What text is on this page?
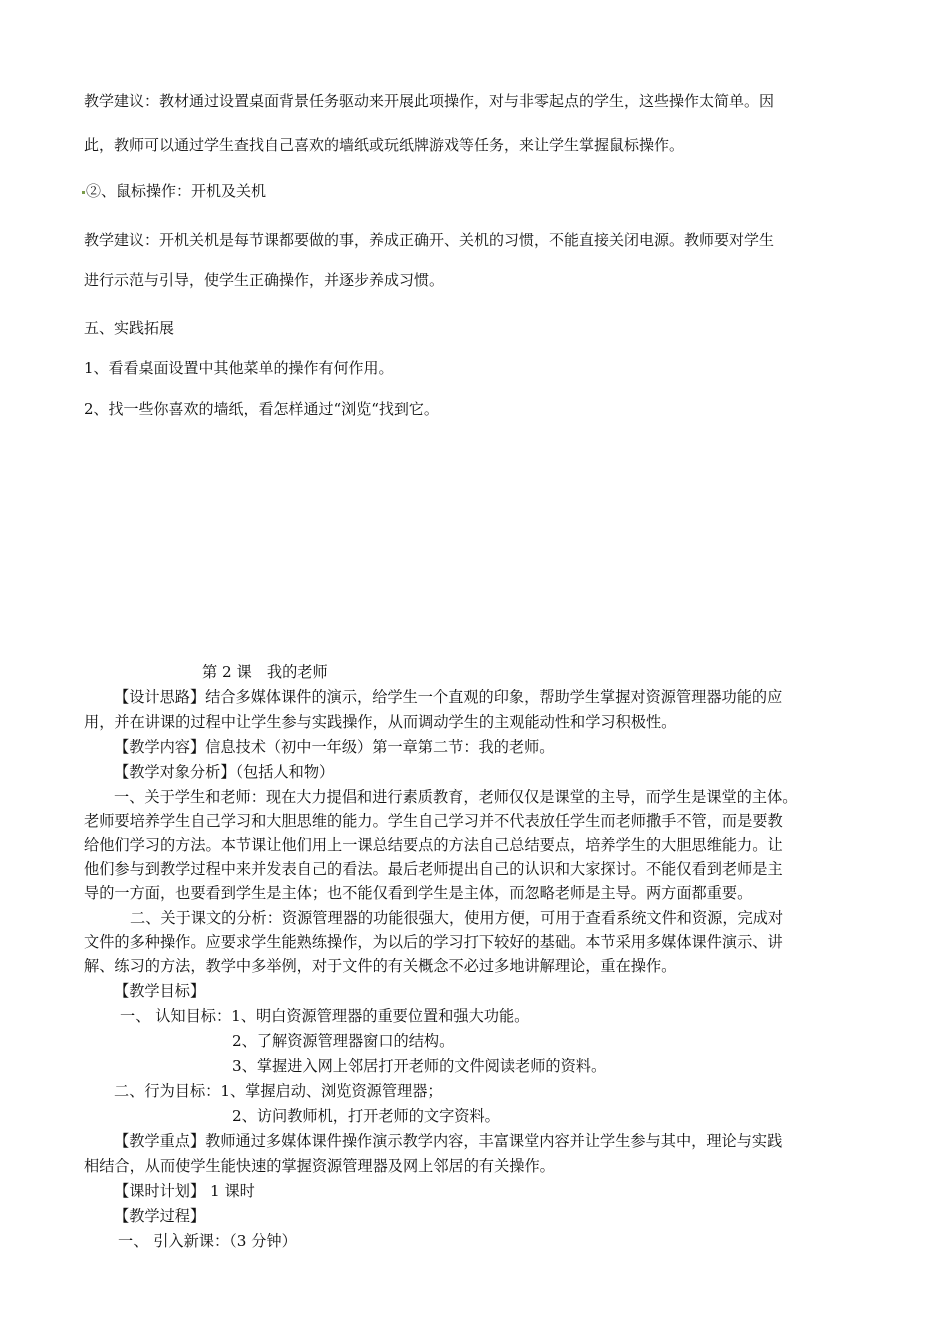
教学建议：教材通过设置桌面背景任务驱动来开展此项操作，对与非零起点的学生，这些操作太简单。因
此，教师可以通过学生查找自己喜欢的墙纸或玩纸牌游戏等任务，来让学生掌握鼠标操作。
②、鼠标操作：开机及关机
教学建议：开机关机是每节课都要做的事，养成正确开、关机的习惯，不能直接关闭电源。教师要对学生
进行示范与引导，使学生正确操作，并逐步养成习惯。
五、实践拓展
1、看看桌面设置中其他菜单的操作有何作用。
2、找一些你喜欢的墙纸，看怎样通过“浏览“找到它。
第 2 课　我的老师
【设计思路】结合多媒体课件的演示，给学生一个直观的印象，帮助学生掌握对资源管理器功能的应
用，并在讲课的过程中让学生参与实践操作，从而调动学生的主观能动性和学习积极性。
【教学内容】信息技术（初中一年级）第一章第二节：我的老师。
【教学对象分析】（包括人和物）
一、关于学生和老师：现在大力提倡和进行素质教育，老师仅仅是课堂的主导，而学生是课堂的主体。
老师要培养学生自己学习和大胆思维的能力。学生自己学习并不代表放任学生而老师撒手不管，而是要教
给他们学习的方法。本节课让他们用上一课总结要点的方法自己总结要点，培养学生的大胆思维能力。让
他们参与到教学过程中来并发表自己的看法。最后老师提出自己的认识和大家探讨。不能仅看到老师是主
导的一方面，也要看到学生是主体；也不能仅看到学生是主体，而忽略老师是主导。两方面都重要。
二、关于课文的分析：资源管理器的功能很强大，使用方便，可用于查看系统文件和资源，完成对
文件的多种操作。应要求学生能熟练操作，为以后的学习打下较好的基础。本节采用多媒体课件演示、讲
解、练习的方法，教学中多举例，对于文件的有关概念不必过多地讲解理论，重在操作。
【教学目标】
一、 认知目标：1、明白资源管理器的重要位置和强大功能。
2、了解资源管理器窗口的结构。
3、掌握进入网上邻居打开老师的文件阅读老师的资料。
二、行为目标：1、掌握启动、浏览资源管理器；
2、访问教师机，打开老师的文字资料。
【教学重点】教师通过多媒体课件操作演示教学内容，丰富课堂内容并让学生参与其中，理论与实践
相结合，从而使学生能快速的掌握资源管理器及网上邻居的有关操作。
【课时计划】 1 课时
【教学过程】
一、 引入新课：（3 分钟）
